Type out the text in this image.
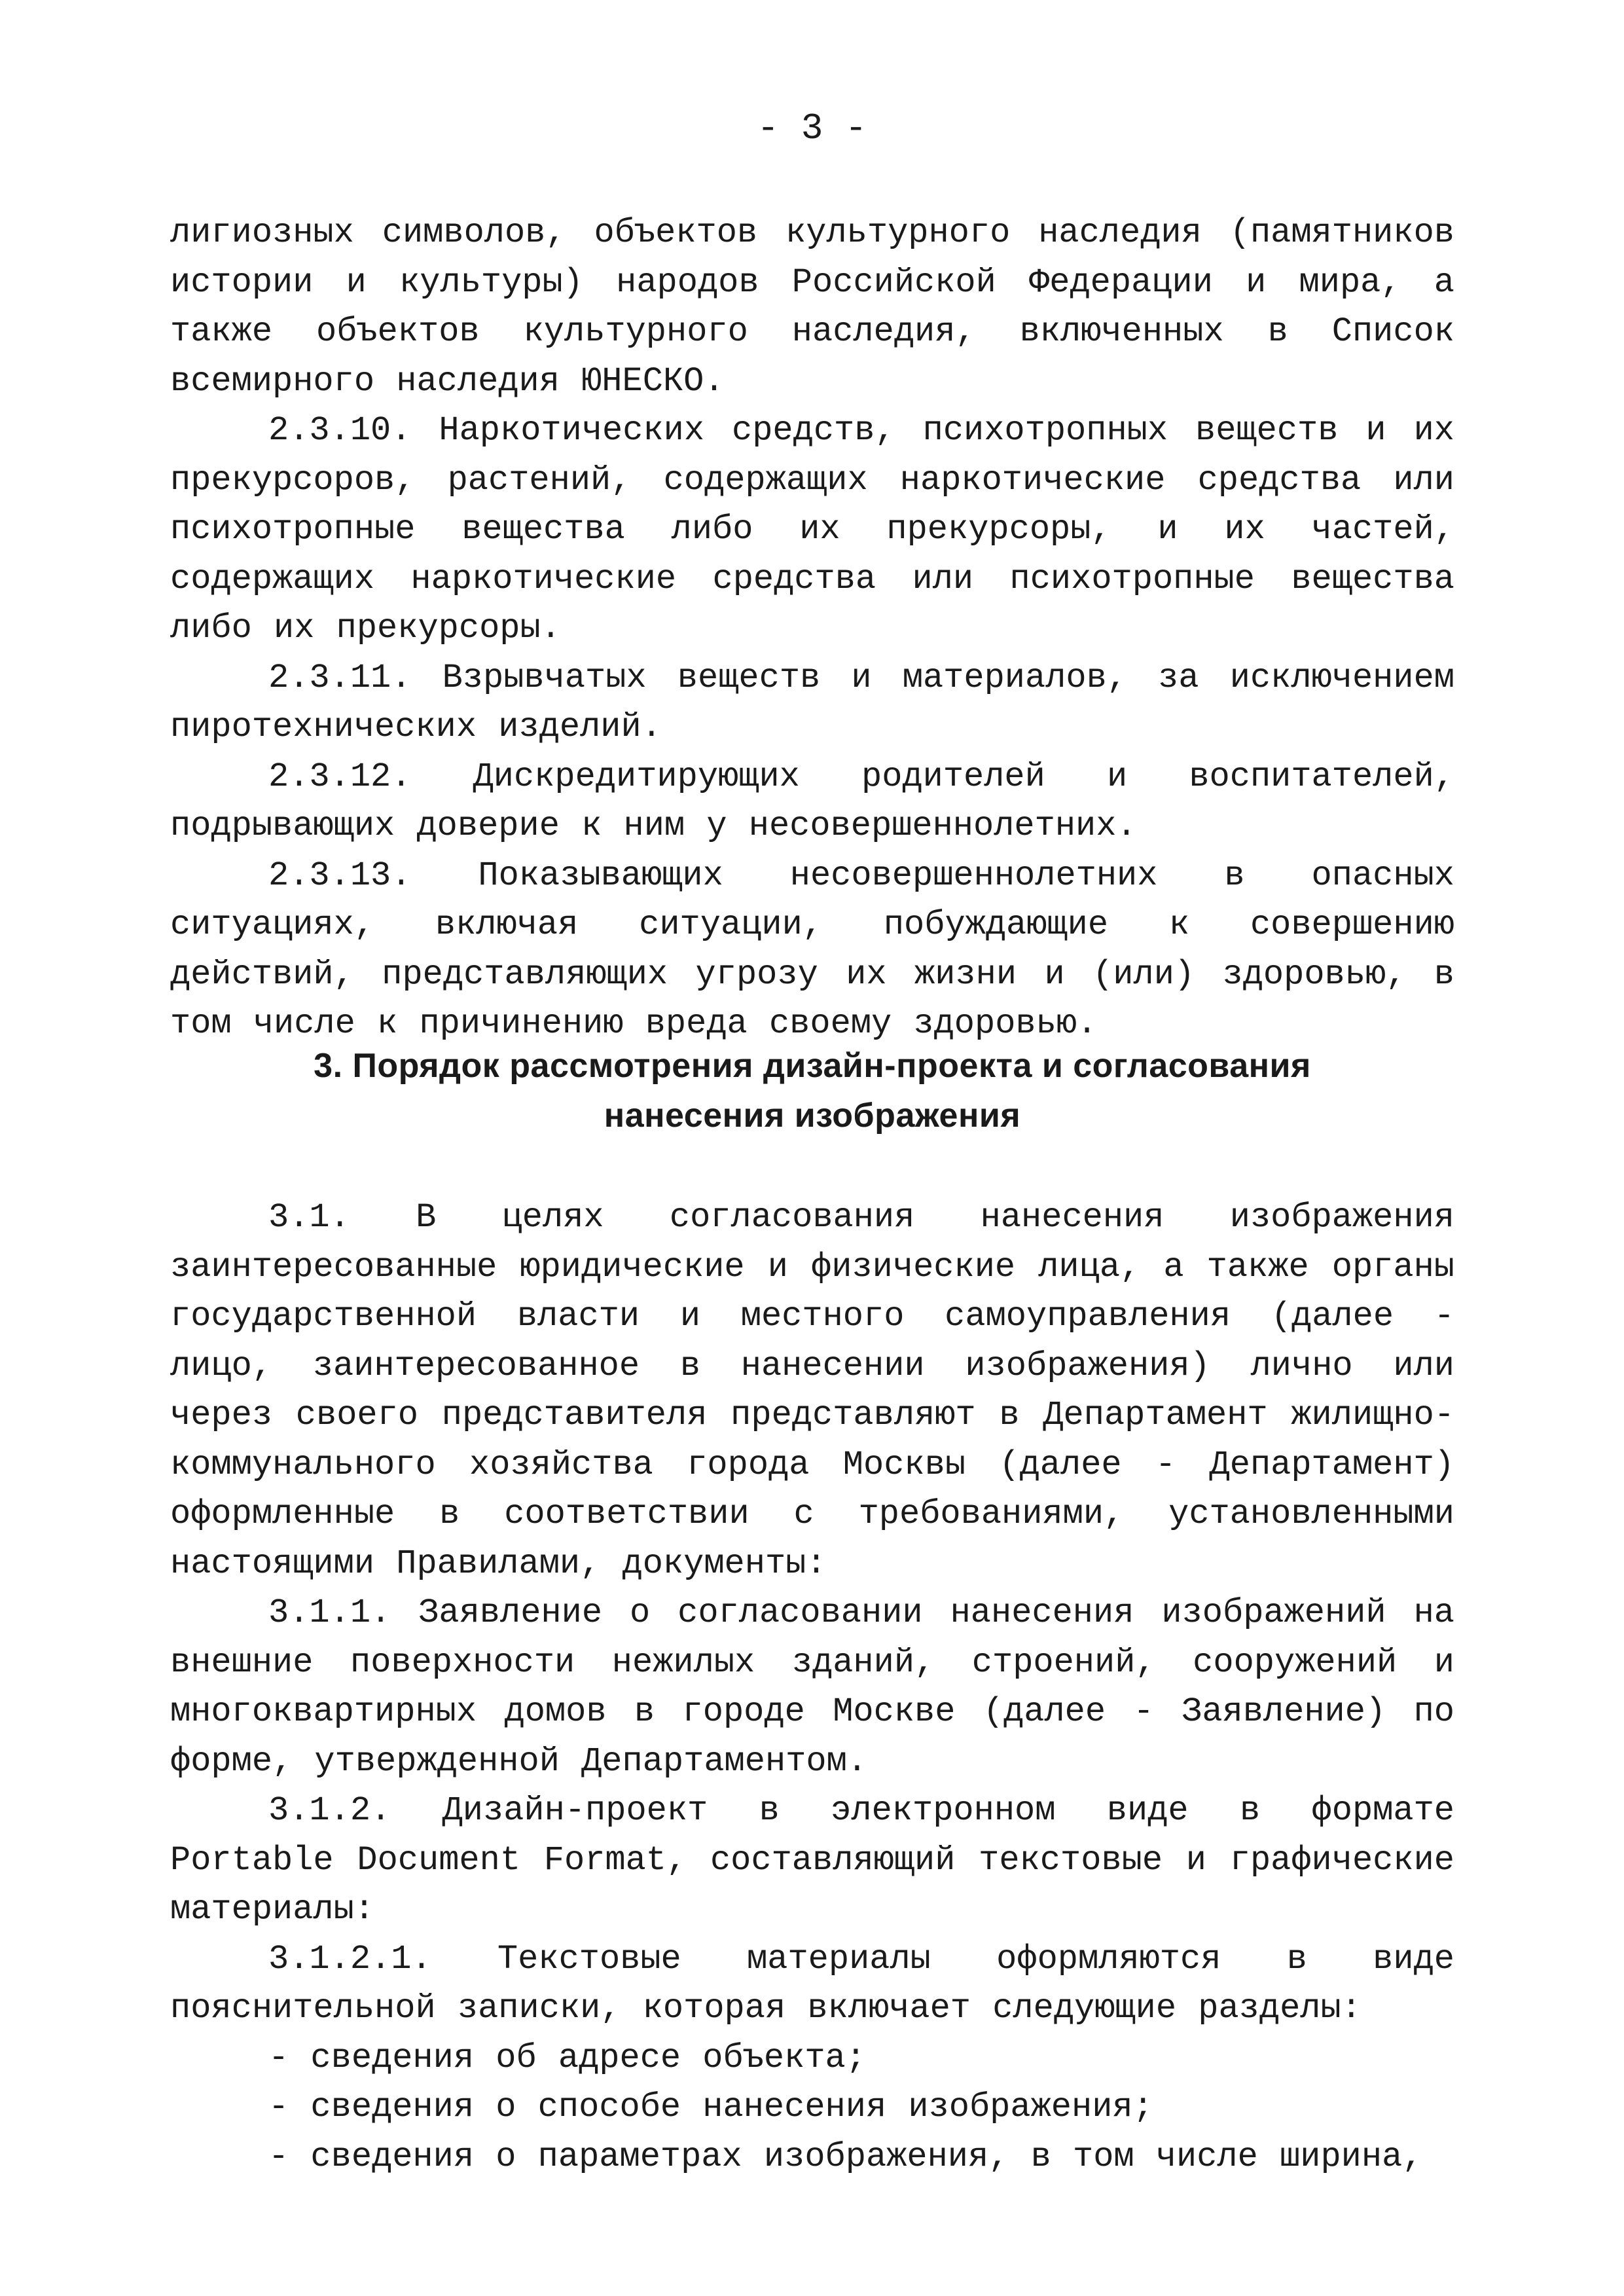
- 3 -

лигиозных символов, объектов культурного наследия (памятников истории и культуры) народов Российской Федерации и мира, а также объектов культурного наследия, включенных в Список всемирного наследия ЮНЕСКО.

2.3.10. Наркотических средств, психотропных веществ и их прекурсоров, растений, содержащих наркотические средства или психотропные вещества либо их прекурсоры, и их частей, содержащих наркотические средства или психотропные вещества либо их прекурсоры.

2.3.11. Взрывчатых веществ и материалов, за исключением пиротехнических изделий.

2.3.12. Дискредитирующих родителей и воспитателей, подрывающих доверие к ним у несовершеннолетних.

2.3.13. Показывающих несовершеннолетних в опасных ситуациях, включая ситуации, побуждающие к совершению действий, представляющих угрозу их жизни и (или) здоровью, в том числе к причинению вреда своему здоровью.

3. Порядок рассмотрения дизайн-проекта и согласования
нанесения изображения

3.1. В целях согласования нанесения изображения заинтересованные юридические и физические лица, а также органы государственной власти и местного самоуправления (далее - лицо, заинтересованное в нанесении изображения) лично или через своего представителя представляют в Департамент жилищно-коммунального хозяйства города Москвы (далее - Департамент) оформленные в соответствии с требованиями, установленными настоящими Правилами, документы:

3.1.1. Заявление о согласовании нанесения изображений на внешние поверхности нежилых зданий, строений, сооружений и многоквартирных домов в городе Москве (далее - Заявление) по форме, утвержденной Департаментом.

3.1.2. Дизайн-проект в электронном виде в формате Portable Document Format, составляющий текстовые и графические материалы:

3.1.2.1. Текстовые материалы оформляются в виде пояснительной записки, которая включает следующие разделы:

- сведения об адресе объекта;

- сведения о способе нанесения изображения;

- сведения о параметрах изображения, в том числе ширина,
